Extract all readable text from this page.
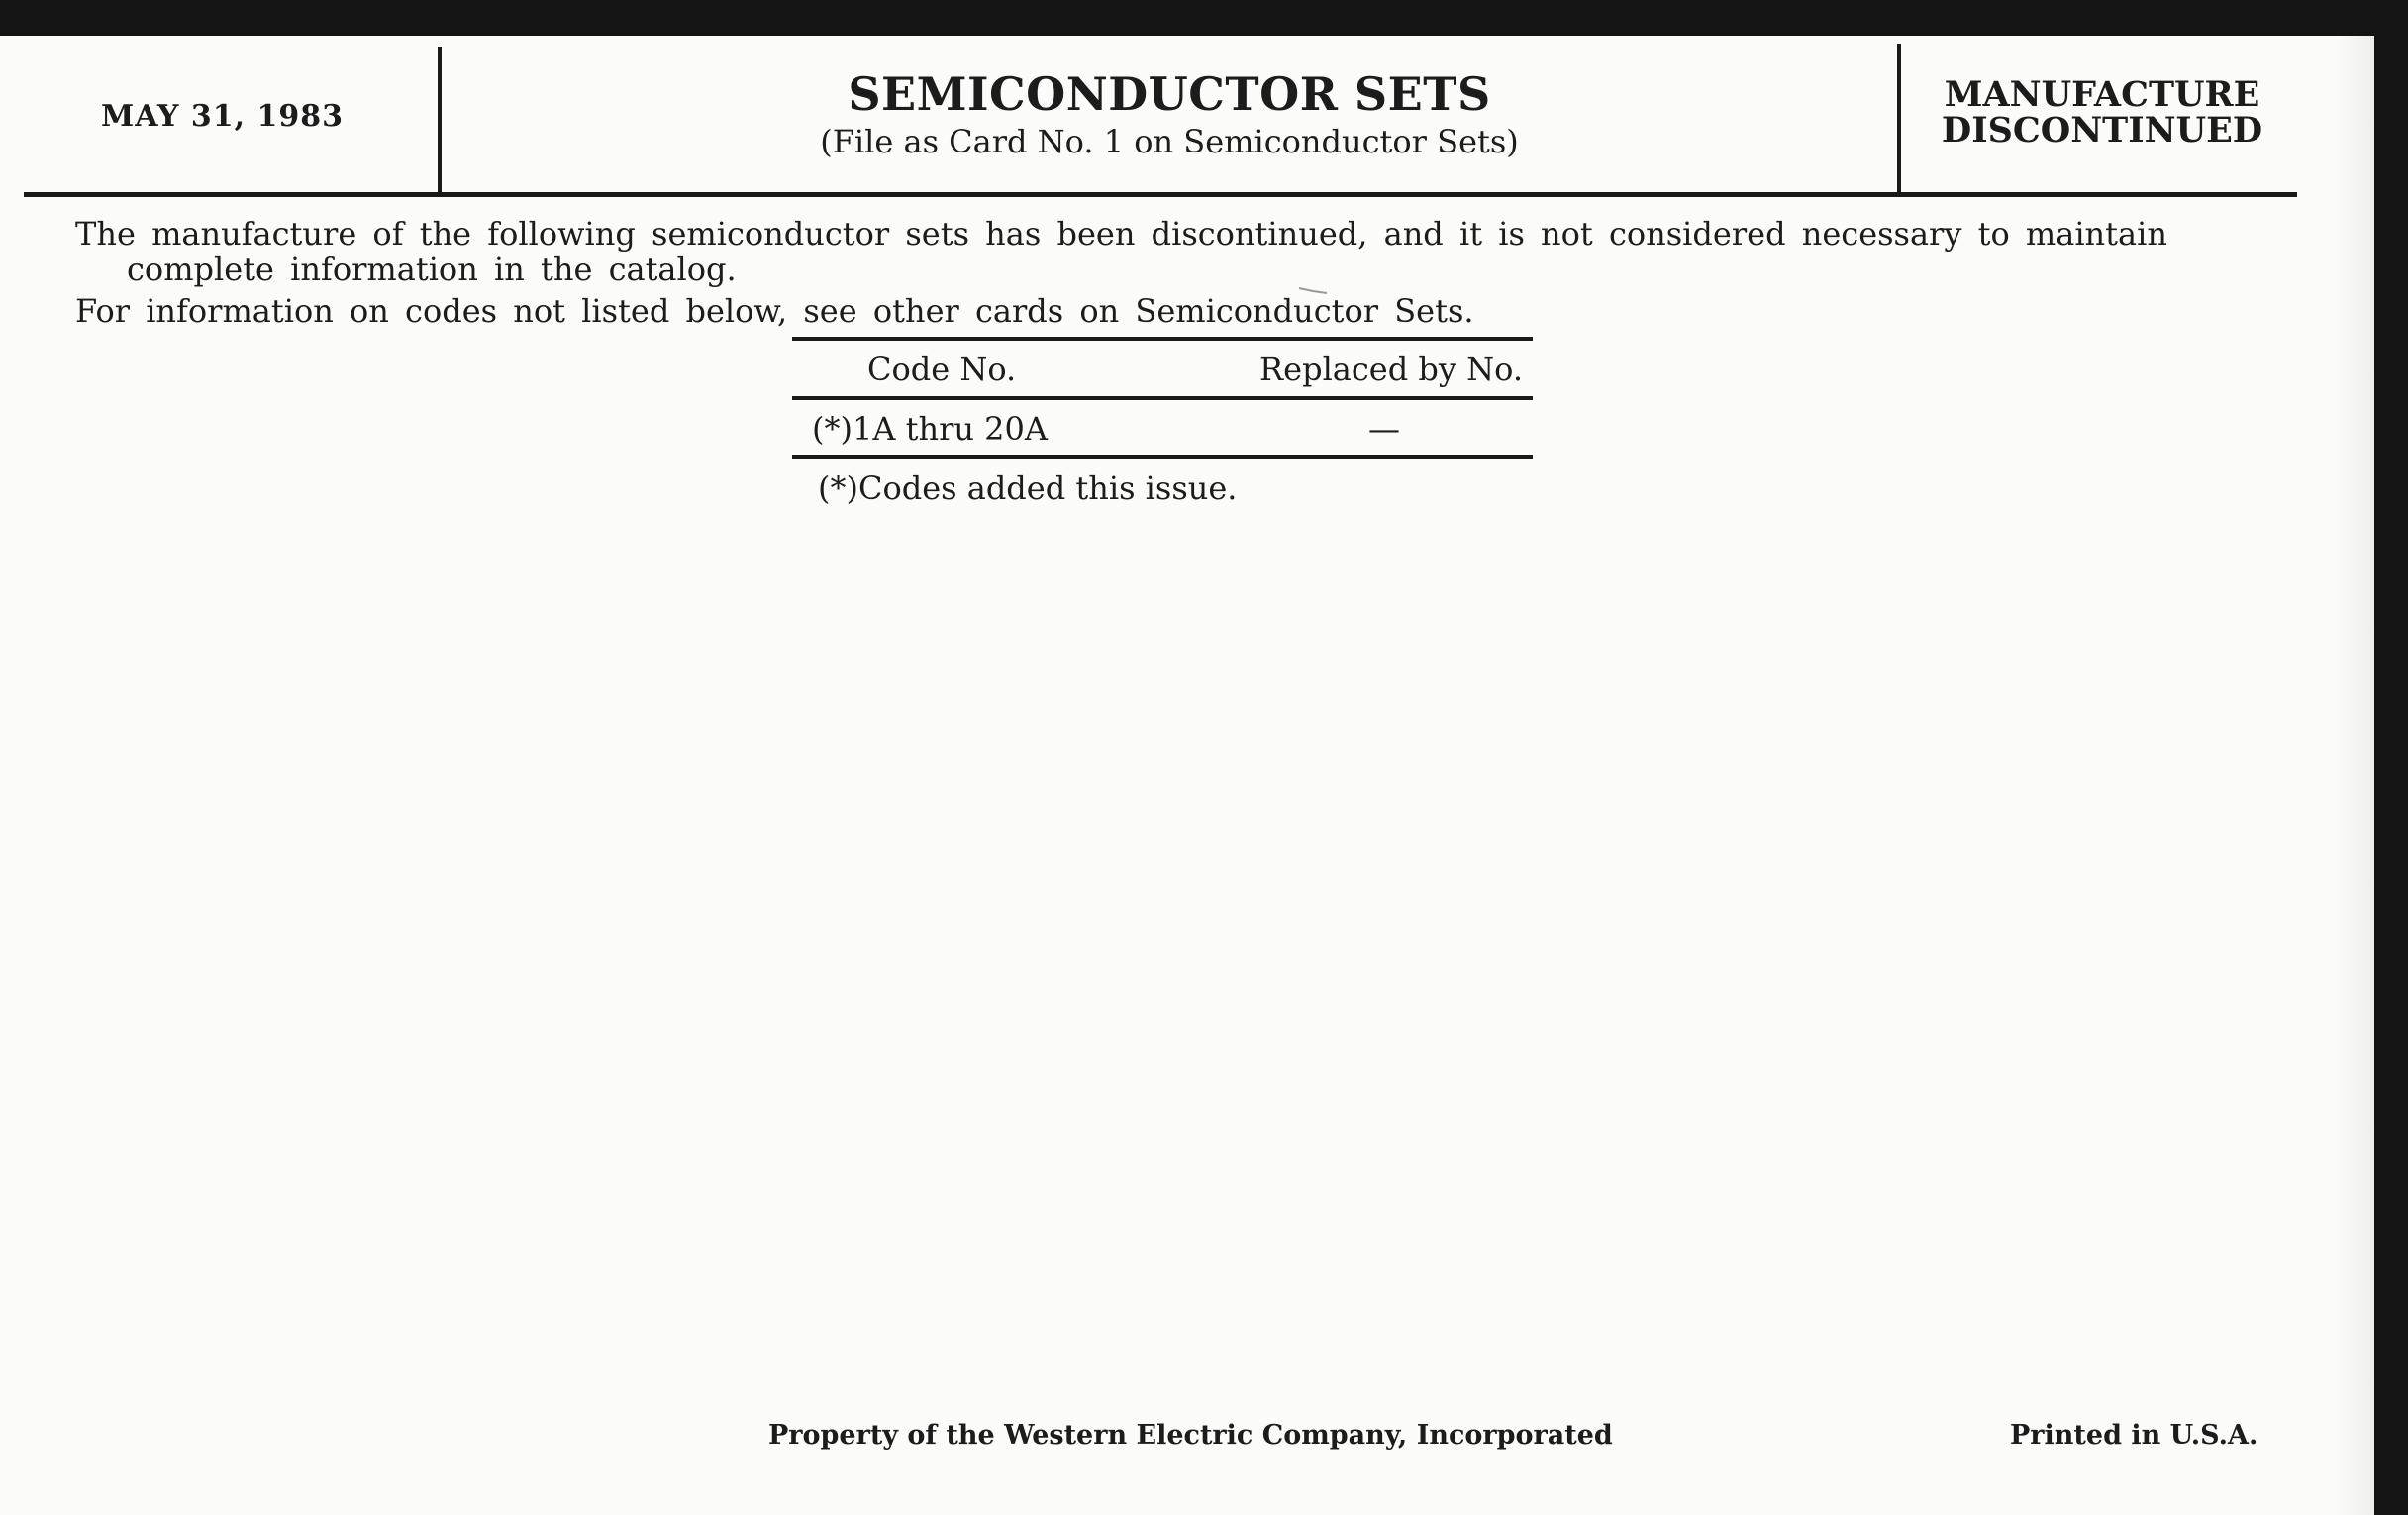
MAY 31, 1983	SEMICONDUCTOR SETS
(File as Card No. 1 on Semiconductor Sets)
MANUFACTURE
DISCONTINUED
The manufacture of the following semiconductor sets has been discontinued, and it is not considered necessary to maintain
complete information in the catalog.
For information on codes not listed below, see other cards on Semiconductor Sets.
Code No.	Replaced by No.
(*)1A thru 20A	—
(*)Codes added this issue.
Property of the Western Electric Company, Incorporated	Printed in U.S.A.
